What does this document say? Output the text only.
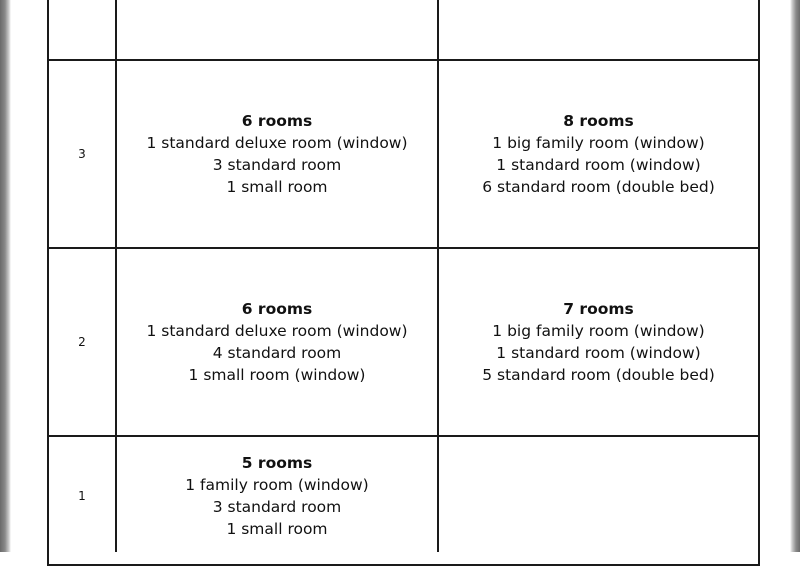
3
6 rooms
1 standard deluxe room (window)
3 standard room
1 small room
8 rooms
1 big family room (window)
1 standard room (window)
6 standard room (double bed)
2
6 rooms
1 standard deluxe room (window)
4 standard room
1 small room (window)
7 rooms
1 big family room (window)
1 standard room (window)
5 standard room (double bed)
1
5 rooms
1 family room (window)
3 standard room
1 small room
